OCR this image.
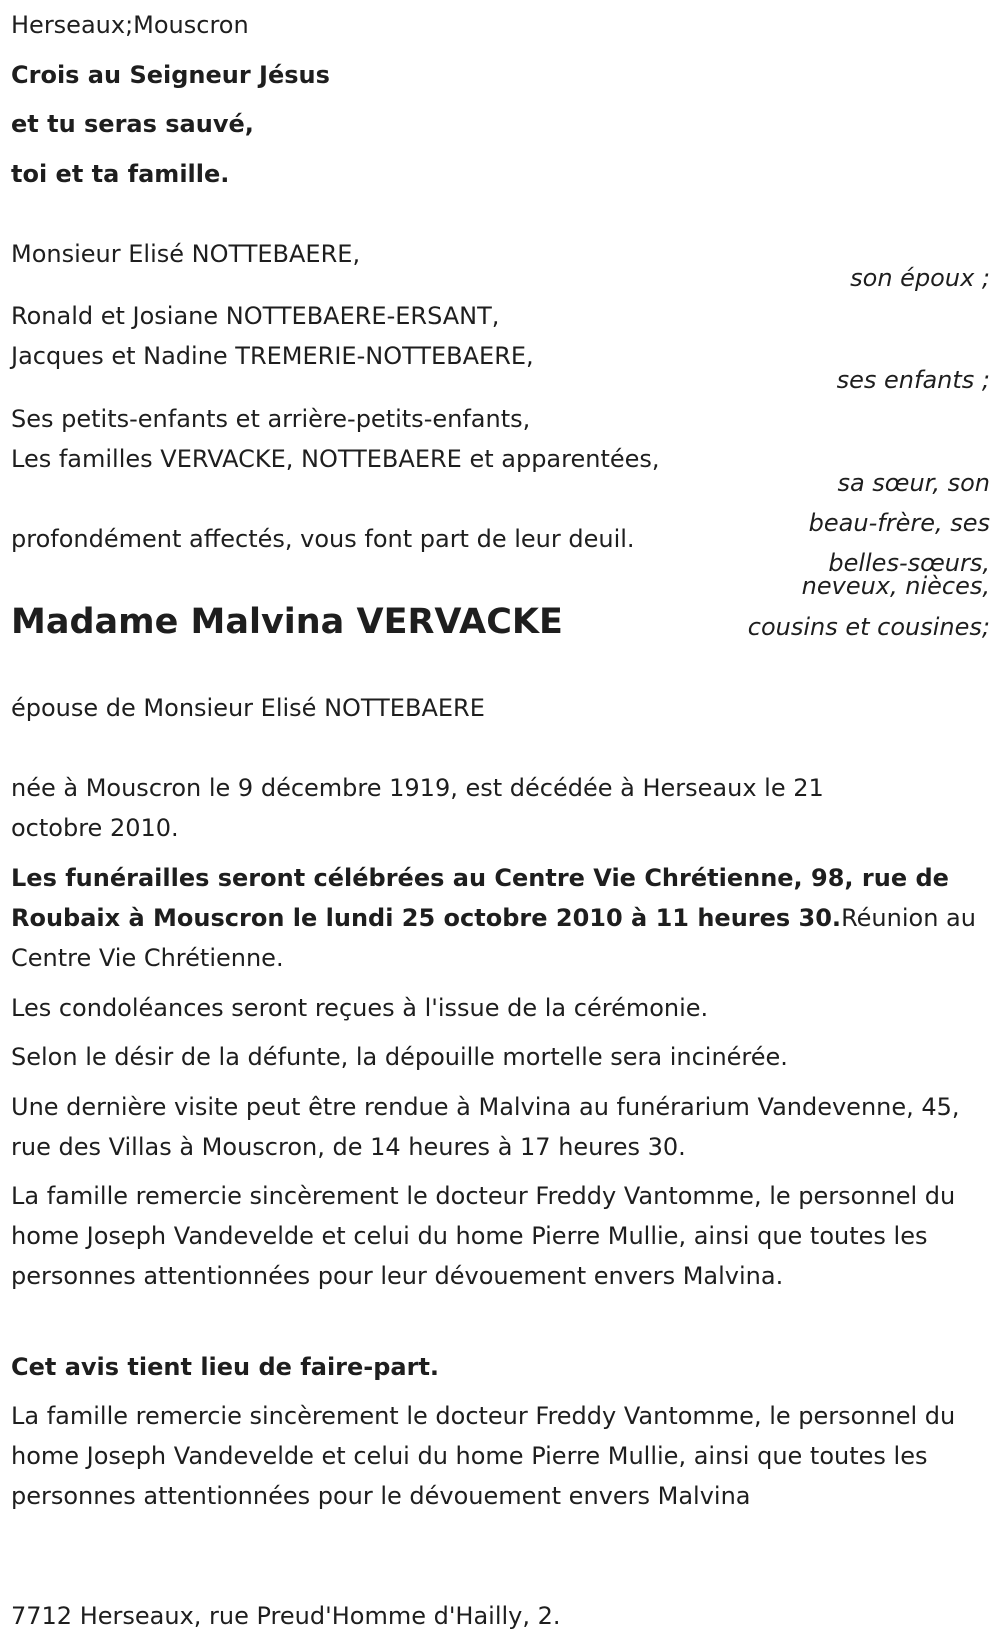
Herseaux;Mouscron
Crois au Seigneur Jésus
et tu seras sauvé,
toi et ta famille.
Monsieur Elisé NOTTEBAERE,
son époux ;
Ronald et Josiane NOTTEBAERE-ERSANT,
Jacques et Nadine TREMERIE-NOTTEBAERE,
ses enfants ;
Ses petits-enfants et arrière-petits-enfants,
Les familles VERVACKE, NOTTEBAERE et apparentées,
sa sœur, son
beau-frère, ses
belles-sœurs,
neveux, nièces,
cousins et cousines;
profondément affectés, vous font part de leur deuil.
Madame Malvina VERVACKE
épouse de Monsieur Elisé NOTTEBAERE
née à Mouscron le 9 décembre 1919, est décédée à Herseaux le 21 octobre 2010.
Les funérailles seront célébrées au Centre Vie Chrétienne, 98, rue de Roubaix à Mouscron le lundi 25 octobre 2010 à 11 heures 30.Réunion au Centre Vie Chrétienne.
Les condoléances seront reçues à l'issue de la cérémonie.
Selon le désir de la défunte, la dépouille mortelle sera incinérée.
Une dernière visite peut être rendue à Malvina au funérarium Vandevenne, 45, rue des Villas à Mouscron, de 14 heures à 17 heures 30.
La famille remercie sincèrement le docteur Freddy Vantomme, le personnel du home Joseph Vandevelde et celui du home Pierre Mullie, ainsi que toutes les personnes attentionnées pour leur dévouement envers Malvina.
Cet avis tient lieu de faire-part.
La famille remercie sincèrement le docteur Freddy Vantomme, le personnel du home Joseph Vandevelde et celui du home Pierre Mullie, ainsi que toutes les personnes attentionnées pour le dévouement envers Malvina
7712 Herseaux, rue Preud'Homme d'Hailly, 2.
